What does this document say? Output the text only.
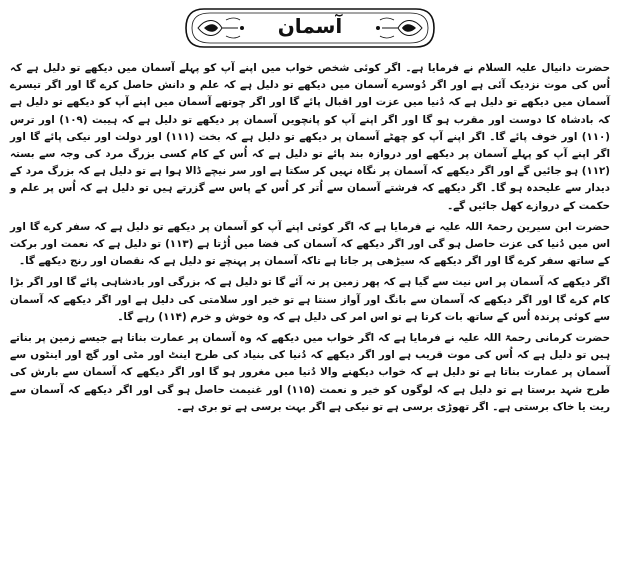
آسمان

حضرت دانیال علیہ السلام نے فرمایا ہے۔ اگر کوئی شخص خواب میں اپنے آپ کو پہلے آسمان میں دیکھے تو دلیل ہے کہ اُس کی موت نزدیک آئی ہے اور اگر دُوسرے آسمان میں دیکھے تو دلیل ہے کہ علم و دانش حاصل کرے گا اور اگر تیسرے آسمان میں دیکھے تو دلیل ہے کہ دُنیا میں عزت اور اقبال پائے گا اور اگر چوتھے آسمان میں اپنے آپ کو دیکھے تو دلیل ہے کہ بادشاہ کا دوست اور مقرب ہو گا اور اگر اپنے آپ کو پانچویں آسمان پر دیکھے تو دلیل ہے کہ ہیبت (۱۰۹) اور ترس (۱۱۰) اور خوف پائے گا۔ اگر اپنے آپ کو چھٹے آسمان پر دیکھے تو دلیل ہے کہ بخت (۱۱۱) اور دولت اور نیکی پائے گا اور اگر اپنے آپ کو پہلے آسمان پر دیکھے اور دروازہ بند پائے تو دلیل ہے کہ اُس کے کام کسی بزرگ مرد کی وجہ سے بستہ (۱۱۲) ہو جائیں گے اور اگر دیکھے کہ آسمان پر نگاہ نہیں کر سکتا ہے اور سر نیچے ڈالا ہوا ہے تو دلیل ہے کہ بزرگ مرد کے دیدار سے علیحدہ ہو گا۔ اگر دیکھے کہ فرشتے آسمان سے اُتر کر اُس کے پاس سے گزرتے ہیں تو دلیل ہے کہ اُس پر علم و حکمت کے دروازے کھل جائیں گے۔

حضرت ابن سیرین رحمۃ اللہ علیہ نے فرمایا ہے کہ اگر کوئی اپنے آپ کو آسمان پر دیکھے تو دلیل ہے کہ سفر کرے گا اور اس میں دُنیا کی عزت حاصل ہو گی اور اگر دیکھے کہ آسمان کی فضا میں اُڑتا ہے (۱۱۳) تو دلیل ہے کہ نعمت اور برکت کے ساتھ سفر کرے گا اور اگر دیکھے کہ سیڑھی پر جاتا ہے تاکہ آسمان پر پہنچے تو دلیل ہے کہ نقصان اور رنج دیکھے گا۔

اگر دیکھے کہ آسمان پر اس نیت سے گیا ہے کہ پھر زمین پر نہ آئے گا تو دلیل ہے کہ بزرگی اور بادشاہی پائے گا اور اگر بڑا کام کرے گا اور اگر دیکھے کہ آسمان سے بانگ اور آواز سنتا ہے تو خیر اور سلامتی کی دلیل ہے اور اگر دیکھے کہ آسمان سے کوئی پرندہ اُس کے ساتھ بات کرتا ہے تو اس امر کی دلیل ہے کہ وہ خوش و خرم (۱۱۴) رہے گا۔

حضرت کرمانی رحمۃ اللہ علیہ نے فرمایا ہے کہ اگر خواب میں دیکھے کہ وہ آسمان پر عمارت بناتا ہے جیسے زمین پر بناتے ہیں تو دلیل ہے کہ اُس کی موت قریب ہے اور اگر دیکھے کہ دُنیا کی بنیاد کی طرح اینٹ اور مٹی اور گچ اور اینٹوں سے آسمان پر عمارت بناتا ہے تو دلیل ہے کہ خواب دیکھنے والا دُنیا میں مغرور ہو گا اور اگر دیکھے کہ آسمان سے بارش کی طرح شہد برستا ہے تو دلیل ہے کہ لوگوں کو خیر و نعمت (۱۱۵) اور غنیمت حاصل ہو گی اور اگر دیکھے کہ آسمان سے ریت یا خاک برستی ہے۔ اگر تھوڑی برسی ہے تو نیکی ہے اگر بہت برسی ہے تو بری ہے۔
